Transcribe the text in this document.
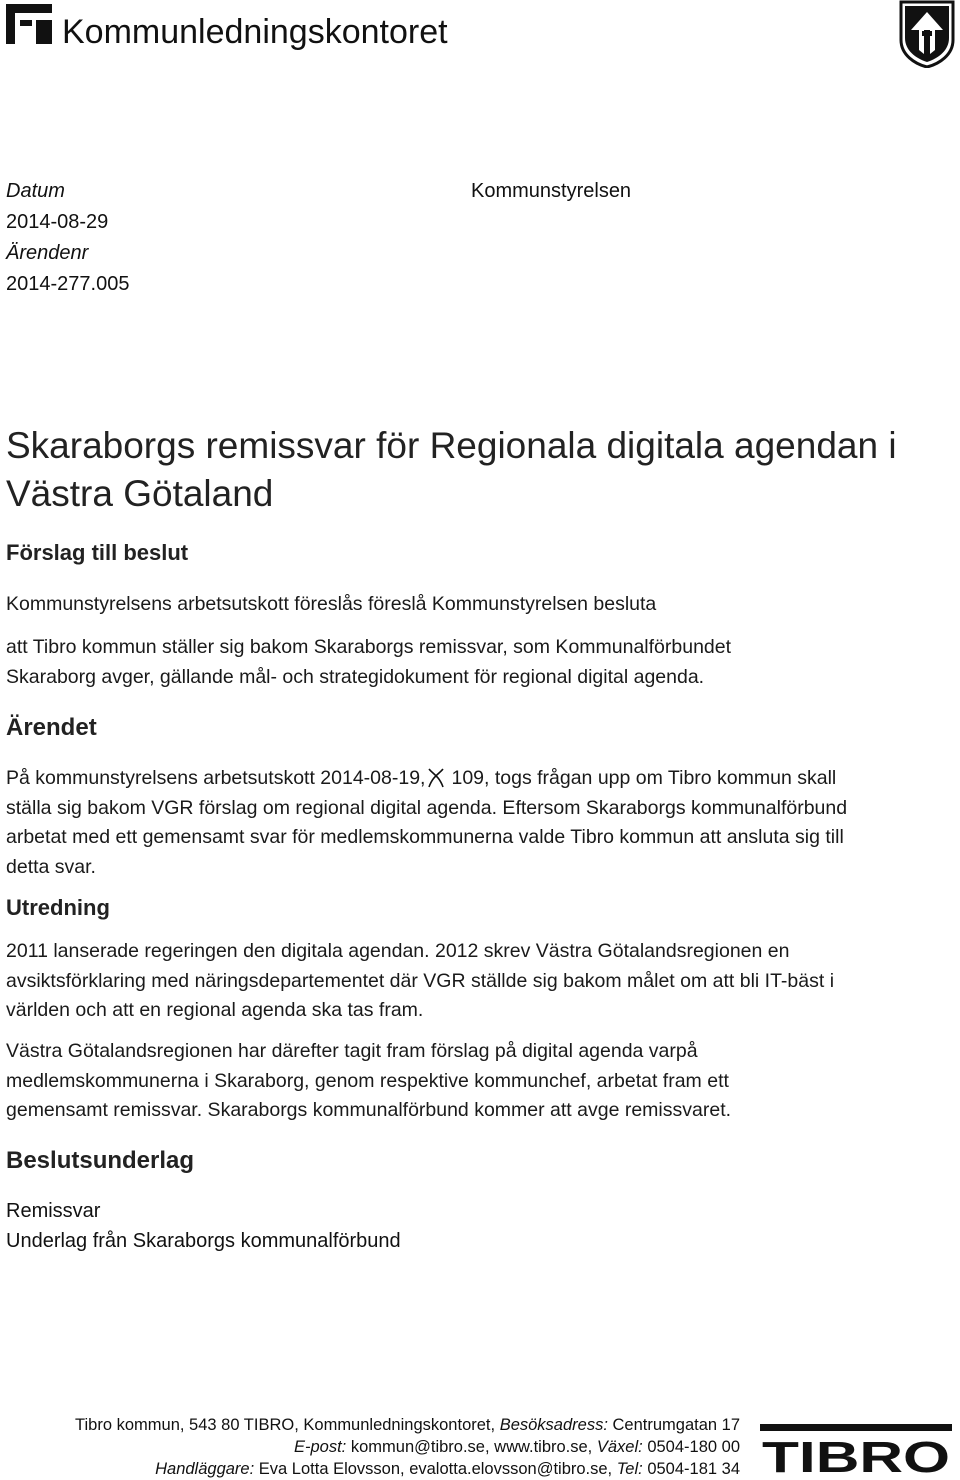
Kommunledningskontoret
Datum
2014-08-29
Ärendenr
2014-277.005
Kommunstyrelsen
Skaraborgs remissvar för Regionala digitala agendan i Västra Götaland
Förslag till beslut

Kommunstyrelsens arbetsutskott föreslås föreslå Kommunstyrelsen besluta

att Tibro kommun ställer sig bakom Skaraborgs remissvar, som Kommunalförbundet Skaraborg avger, gällande mål- och strategidokument för regional digital agenda.

Ärendet

På kommunstyrelsens arbetsutskott 2014-08-19, 109, togs frågan upp om Tibro kommun skall ställa sig bakom VGR förslag om regional digital agenda. Eftersom Skaraborgs kommunalförbund arbetat med ett gemensamt svar för medlemskommunerna valde Tibro kommun att ansluta sig till detta svar.

Utredning

2011 lanserade regeringen den digitala agendan. 2012 skrev Västra Götalandsregionen en avsiktsförklaring med näringsdepartementet där VGR ställde sig bakom målet om att bli IT-bäst i världen och att en regional agenda ska tas fram.

Västra Götalandsregionen har därefter tagit fram förslag på digital agenda varpå medlemskommunerna i Skaraborg, genom respektive kommunchef, arbetat fram ett gemensamt remissvar. Skaraborgs kommunalförbund kommer att avge remissvaret.

Beslutsunderlag
Remissvar
Underlag från Skaraborgs kommunalförbund
Tibro kommun, 543 80 TIBRO, Kommunledningskontoret, Besöksadress: Centrumgatan 17
E-post: kommun@tibro.se, www.tibro.se, Växel: 0504-180 00
Handläggare: Eva Lotta Elovsson, evalotta.elovsson@tibro.se, Tel: 0504-181 34 TIBRO
